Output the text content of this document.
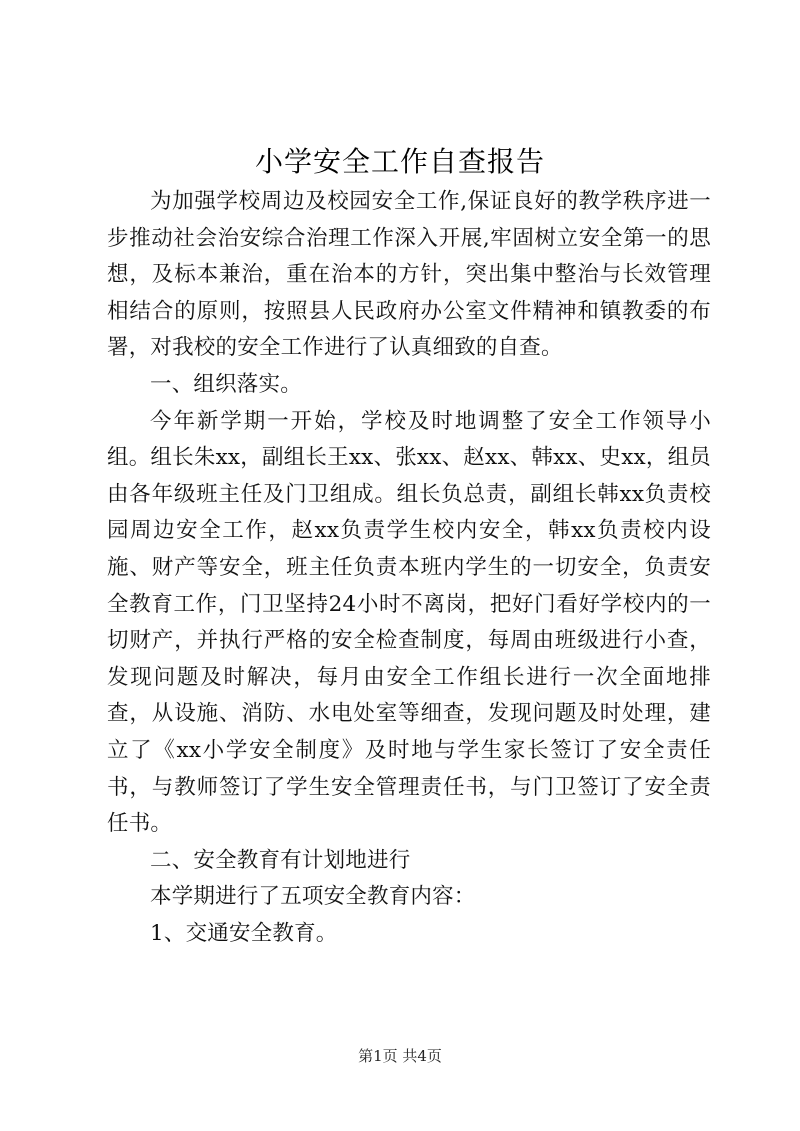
小学安全工作自查报告

为加强学校周边及校园安全工作,保证良好的教学秩序进一步推动社会治安综合治理工作深入开展,牢固树立安全第一的思想，及标本兼治，重在治本的方针，突出集中整治与长效管理相结合的原则，按照县人民政府办公室文件精神和镇教委的布署，对我校的安全工作进行了认真细致的自查。

一、组织落实。

今年新学期一开始，学校及时地调整了安全工作领导小组。组长朱xx，副组长王xx、张xx、赵xx、韩xx、史xx，组员由各年级班主任及门卫组成。组长负总责，副组长韩xx负责校园周边安全工作，赵xx负责学生校内安全，韩xx负责校内设施、财产等安全，班主任负责本班内学生的一切安全，负责安全教育工作，门卫坚持24小时不离岗，把好门看好学校内的一切财产，并执行严格的安全检查制度，每周由班级进行小查，发现问题及时解决，每月由安全工作组长进行一次全面地排查，从设施、消防、水电处室等细查，发现问题及时处理，建立了《xx小学安全制度》及时地与学生家长签订了安全责任书，与教师签订了学生安全管理责任书，与门卫签订了安全责任书。

二、安全教育有计划地进行

本学期进行了五项安全教育内容：

1、交通安全教育。

第1页 共4页
